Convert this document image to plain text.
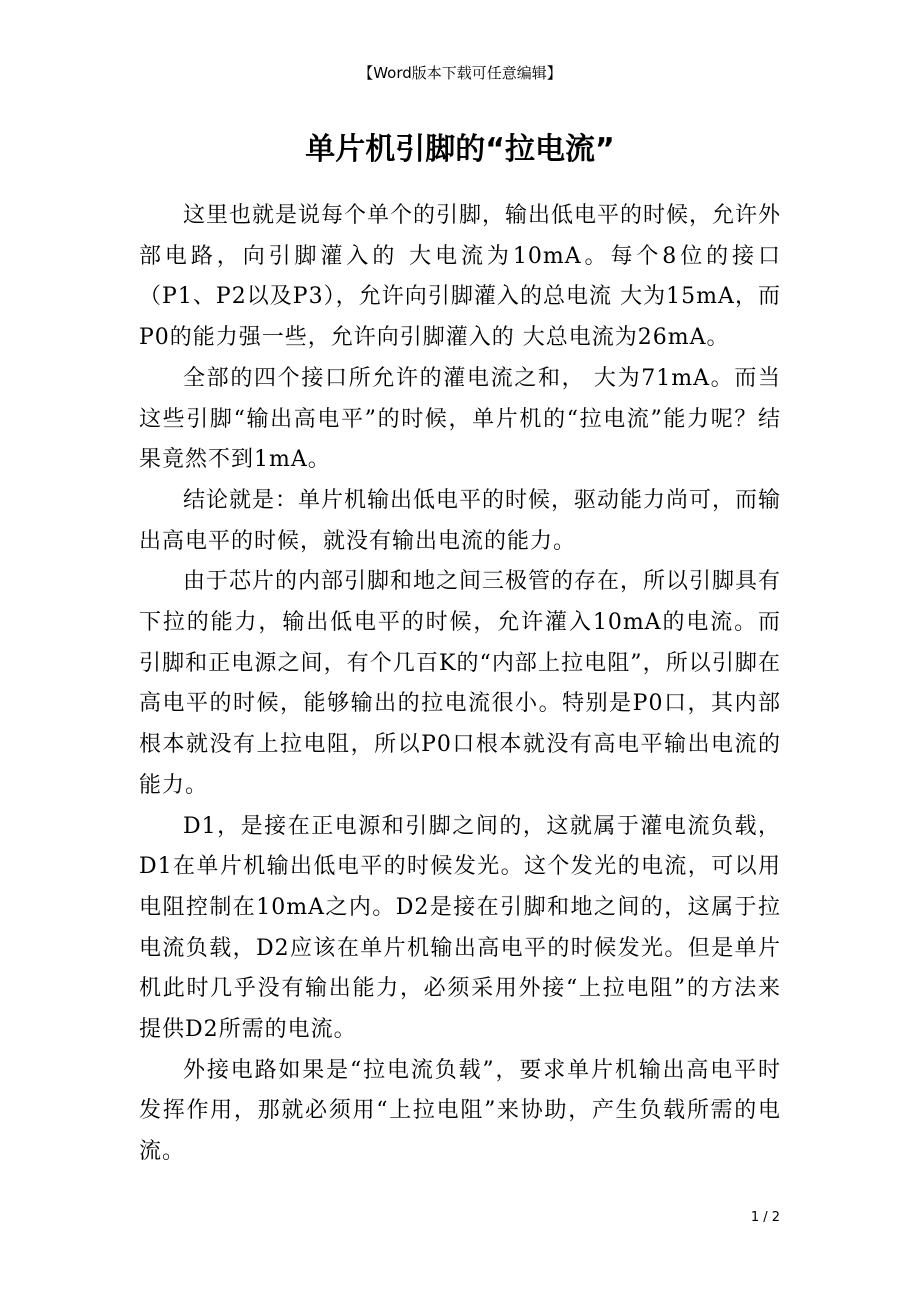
【Word版本下载可任意编辑】
单片机引脚的“拉电流”

这里也就是说每个单个的引脚，输出低电平的时候，允许外部电路，向引脚灌入的 大电流为10mA。每个8位的接口（P1、P2以及P3），允许向引脚灌入的总电流 大为15mA，而P0的能力强一些，允许向引脚灌入的 大总电流为26mA。

全部的四个接口所允许的灌电流之和， 大为71mA。而当这些引脚“输出高电平”的时候，单片机的“拉电流”能力呢？结果竟然不到1mA。

结论就是：单片机输出低电平的时候，驱动能力尚可，而输出高电平的时候，就没有输出电流的能力。

由于芯片的内部引脚和地之间三极管的存在，所以引脚具有下拉的能力，输出低电平的时候，允许灌入10mA的电流。而引脚和正电源之间，有个几百K的“内部上拉电阻”，所以引脚在高电平的时候，能够输出的拉电流很小。特别是P0口，其内部根本就没有上拉电阻，所以P0口根本就没有高电平输出电流的能力。

D1，是接在正电源和引脚之间的，这就属于灌电流负载，D1在单片机输出低电平的时候发光。这个发光的电流，可以用电阻控制在10mA之内。D2是接在引脚和地之间的，这属于拉电流负载，D2应该在单片机输出高电平的时候发光。但是单片机此时几乎没有输出能力，必须采用外接“上拉电阻”的方法来提供D2所需的电流。

外接电路如果是“拉电流负载”，要求单片机输出高电平时发挥作用，那就必须用“上拉电阻”来协助，产生负载所需的电流。

1 / 2
